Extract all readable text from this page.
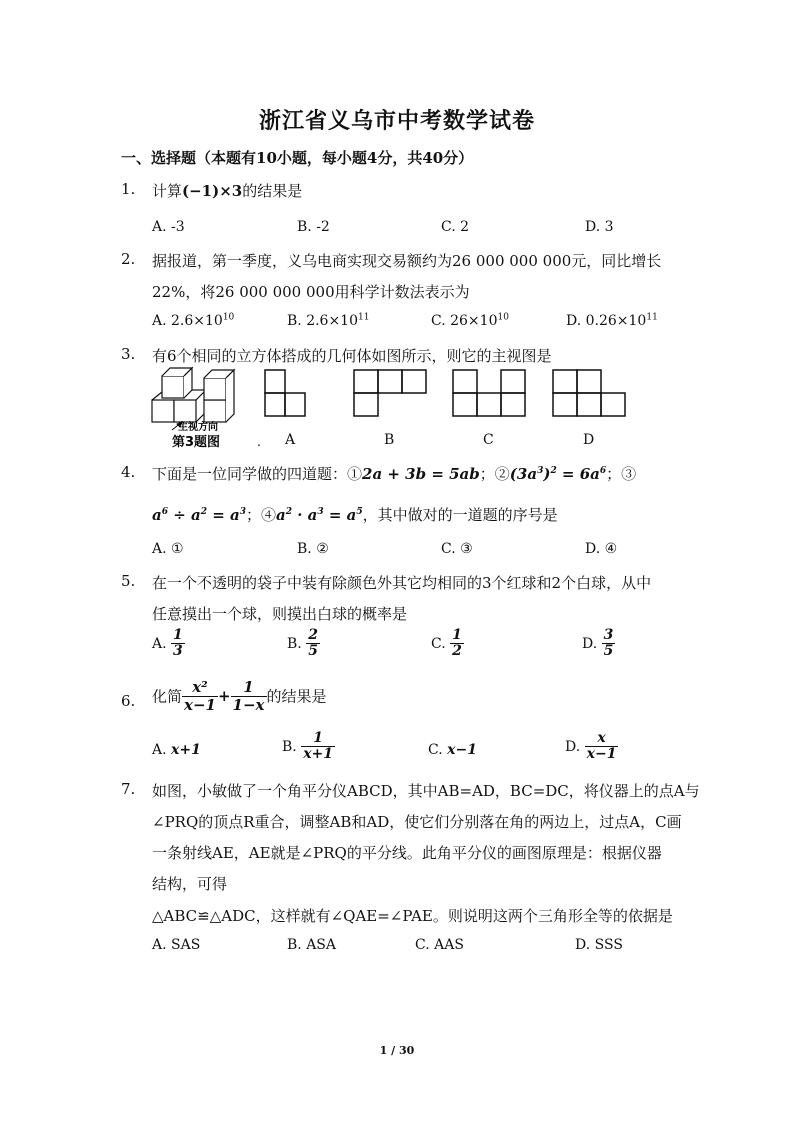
浙江省义乌市中考数学试卷
一、选择题（本题有10小题，每小题4分，共40分）
1. 计算(−1)×3的结果是
A. -3	B. -2	C. 2	D. 3
2. 据报道，第一季度，义乌电商实现交易额约为26 000 000 000元，同比增长
22%，将26 000 000 000用科学计数法表示为
A. $2.6\times 10^{10}$	B. $2.6\times 10^{11}$	C. $26\times 10^{10}$	D. $0.26\times 10^{11}$
3. 有6个相同的立方体搭成的几何体如图所示，则它的主视图是
主视方向
第3题图	. A	B	C	D
4. 下面是一位同学做的四道题：①2a + 3b = 5ab；$②(3a^3)^2 = 6a^6$；③
$a^6 \div a^2 = a^3$；$④a^2 \cdot a^3 = a^5$，其中做对的一道题的序号是
A. ①	B. ②	C. ③	D. ④
5. 在一个不透明的袋子中装有除颜色外其它均相同的3个红球和2个白球，从中
任意摸出一个球，则摸出白球的概率是
A. $\frac{1}{3}$	B. $\frac{2}{5}$	C. $\frac{1}{2}$	D. $\frac{3}{5}$
6. 化简 $\frac{\text{x²}}{x-1} + \frac{1}{1-x}$ 的结果是
A. x+1	B. $\frac{1}{x+1}$	C. x−1	D. $\frac{x}{x-1}$
7. 如图，小敏做了一个角平分仪ABCD，其中AB=AD，BC=DC，将仪器上的点A与
∠PRQ的顶点R重合，调整AB和AD，使它们分别落在角的两边上，过点A，C画
一条射线AE，AE就是∠PRQ的平分线。此角平分仪的画图原理是：根据仪器
结构，可得
△ABC≌△ADC，这样就有∠QAE=∠PAE。则说明这两个三角形全等的依据是
A. SAS	B. ASA	C. AAS	D. SSS
1 / 30
